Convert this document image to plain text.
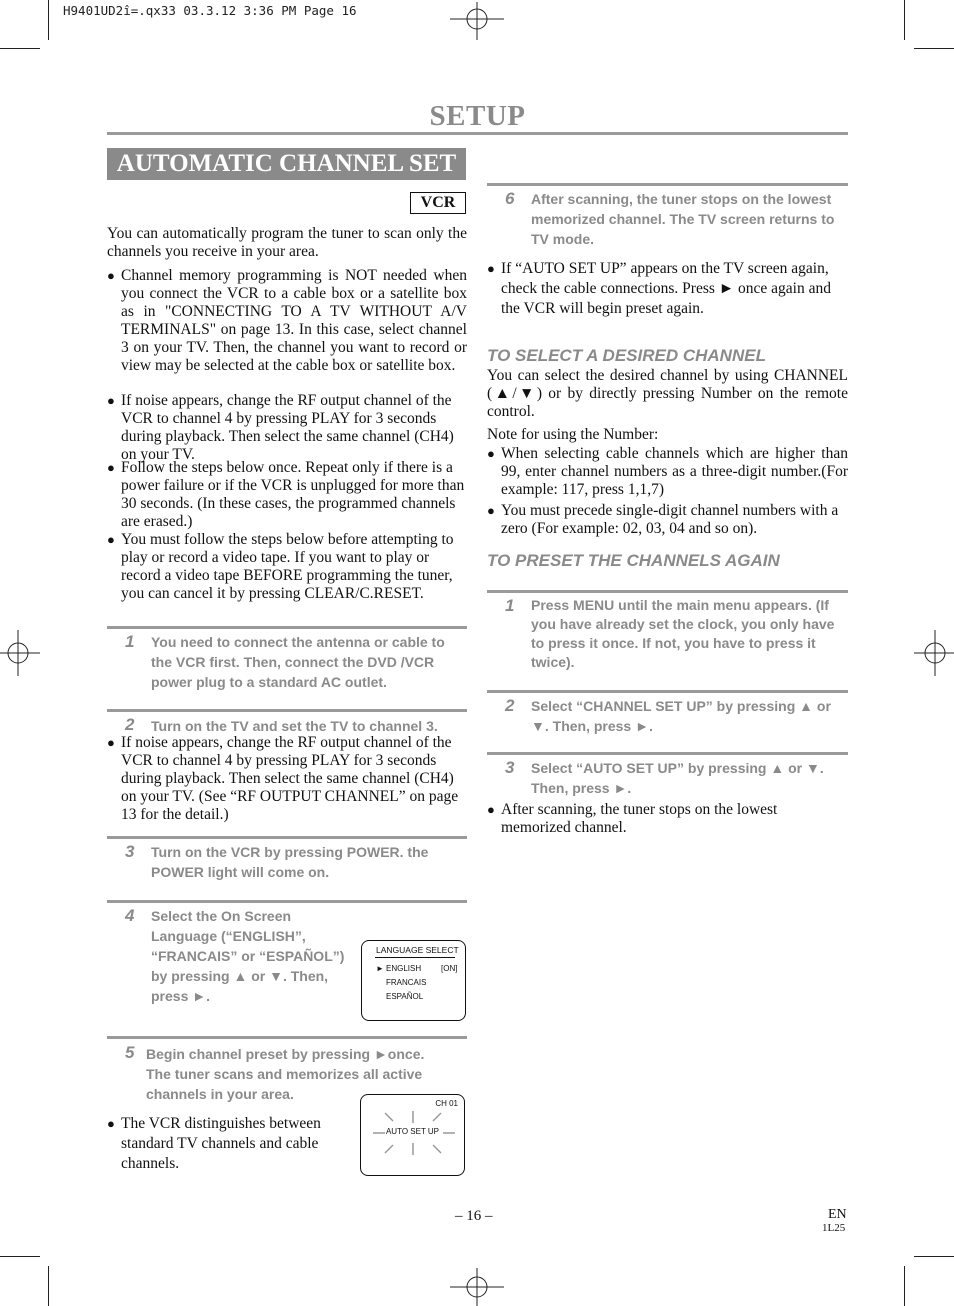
H9401UD2î=.qx33 03.3.12 3:36 PM Page 16
SETUP
AUTOMATIC CHANNEL SET UP	VCR
You can automatically program the tuner to scan only the channels you receive in your area.
● Channel memory programming is NOT needed when you connect the VCR to a cable box or a satellite box as in "CONNECTING TO A TV WITHOUT A/V TERMINALS" on page 13. In this case, select channel 3 on your TV. Then, the channel you want to record or view may be selected at the cable box or satellite box.
● If noise appears, change the RF output channel of the VCR to channel 4 by pressing PLAY for 3 seconds during playback. Then select the same channel (CH4) on your TV.
● Follow the steps below once. Repeat only if there is a power failure or if the VCR is unplugged for more than 30 seconds. (In these cases, the programmed channels are erased.)
● You must follow the steps below before attempting to play or record a video tape. If you want to play or record a video tape BEFORE programming the tuner, you can cancel it by pressing CLEAR/C.RESET.
1 You need to connect the antenna or cable to the VCR first. Then, connect the DVD /VCR power plug to a standard AC outlet.
2 Turn on the TV and set the TV to channel 3.
● If noise appears, change the RF output channel of the VCR to channel 4 by pressing PLAY for 3 seconds during playback. Then select the same channel (CH4) on your TV. (See “RF OUTPUT CHANNEL” on page 13 for the detail.)
3 Turn on the VCR by pressing POWER. the POWER light will come on.
4 Select the On Screen Language (“ENGLISH”, “FRANCAIS” or “ESPAÑOL”) by pressing ▲ or ▼. Then, press ►.
LANGUAGE SELECT
► ENGLISH [ON]
FRANCAIS
ESPAÑOL
5 Begin channel preset by pressing ►once. The tuner scans and memorizes all active channels in your area.
● The VCR distinguishes between standard TV channels and cable channels.
CH 01
AUTO SET UP
6 After scanning, the tuner stops on the lowest memorized channel. The TV screen returns to TV mode.
● If “AUTO SET UP” appears on the TV screen again, check the cable connections. Press ► once again and the VCR will begin preset again.
TO SELECT A DESIRED CHANNEL
You can select the desired channel by using CHANNEL (▲/▼) or by directly pressing Number on the remote control.
Note for using the Number:
● When selecting cable channels which are higher than 99, enter channel numbers as a three-digit number.(For example: 117, press 1,1,7)
● You must precede single-digit channel numbers with a zero (For example: 02, 03, 04 and so on).
TO PRESET THE CHANNELS AGAIN
1 Press MENU until the main menu appears. (If you have already set the clock, you only have to press it once. If not, you have to press it twice).
2 Select “CHANNEL SET UP” by pressing ▲ or ▼. Then, press ►.
3 Select “AUTO SET UP” by pressing ▲ or ▼. Then, press ►.
● After scanning, the tuner stops on the lowest memorized channel.
– 16 –	EN
1L25
